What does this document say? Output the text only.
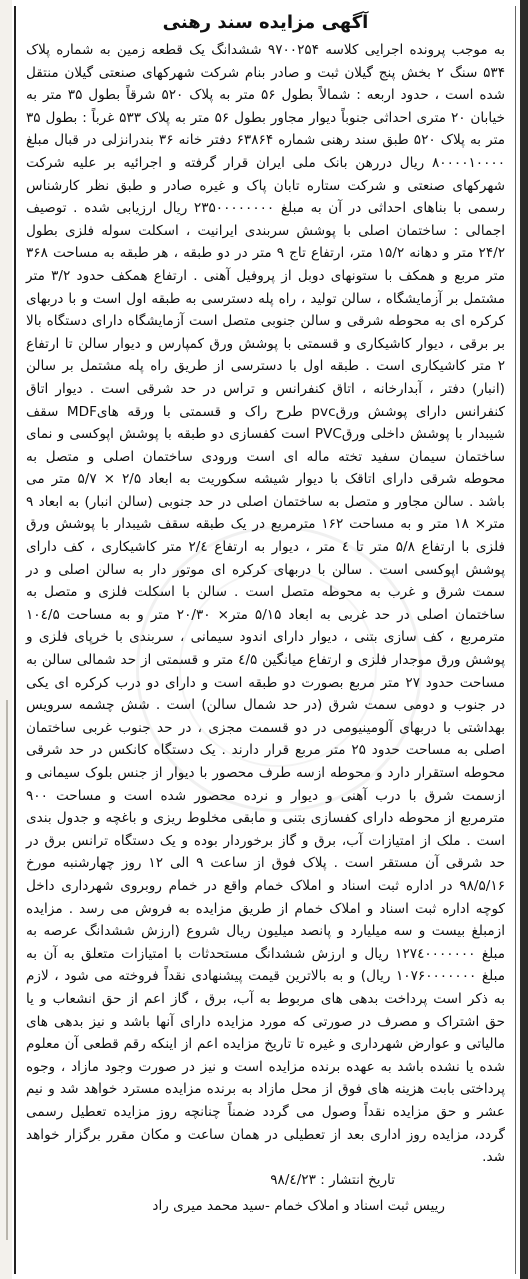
آگهی مزایده سند رهنی

به موجب پرونده اجرایی کلاسه ۹۷۰۰۲۵۴ ششدانگ یک قطعه زمین به شماره پلاک ۵۳۴ سنگ ۲ بخش پنج گیلان ثبت و صادر بنام شرکت شهرکهای صنعتی گیلان منتقل شده است ، حدود اربعه : شمالاً بطول ۵۶ متر به پلاک ۵۲۰ شرقاً بطول ۳۵ متر به خیابان ۲۰ متری احداثی جنوباً دیوار مجاور بطول ۵۶ متر به پلاک ۵۳۳ غرباً : بطول ۳۵ متر به پلاک ۵۲۰ طبق سند رهنی شماره ۶۳۸۶۴ دفتر خانه ۳۶ بندرانزلی در قبال مبلغ ۸۰۰۰۰۱۰۰۰۰ ریال دررهن بانک ملی ایران قرار گرفته و اجرائیه بر علیه شرکت شهرکهای صنعتی و شرکت ستاره تابان پاک و غیره صادر و طبق نظر کارشناس رسمی با بناهای احداثی در آن به مبلغ ۲۳۵۰۰۰۰۰۰۰۰ ریال ارزیابی شده . توصیف اجمالی : ساختمان اصلی با پوشش سربندی ایرانیت ، اسکلت سوله فلزی بطول ۲۴/۲ متر و دهانه ۱۵/۲ متر، ارتفاع تاج ۹ متر در دو طبقه ، هر طبقه به مساحت ۳۶۸ متر مربع و همکف با ستونهای دوبل از پروفیل آهنی . ارتفاع همکف حدود ۳/۲ متر مشتمل بر آزمایشگاه ، سالن تولید ، راه پله دسترسی به طبقه اول است و با دربهای کرکره ای به محوطه شرقی و سالن جنوبی متصل است آزمایشگاه دارای دستگاه بالا بر برقی ، دیوار کاشیکاری و قسمتی با پوشش ورق کمپارس و دیوار سالن تا ارتفاع ۲ متر کاشیکاری است . طبقه اول با دسترسی از طریق راه پله مشتمل بر سالن (انبار) دفتر ، آبدارخانه ، اتاق کنفرانس و تراس در حد شرقی است . دیوار اتاق کنفرانس دارای پوشش ورقpvc طرح راک و قسمتی با ورقه هایMDF سقف شیبدار با پوشش داخلی ورقPVC است کفسازی دو طبقه با پوشش اپوکسی و نمای ساختمان سیمان سفید تخته ماله ای است ورودی ساختمان اصلی و متصل به محوطه شرقی دارای اتاقک با دیوار شیشه سکوریت به ابعاد ۲/۵ × ۵/۷ متر می باشد . سالن مجاور و متصل به ساختمان اصلی در حد جنوبی (سالن انبار) به ابعاد ۹ متر× ۱۸ متر و به مساحت ۱۶۲ مترمربع در یک طبقه سقف شیبدار با پوشش ورق فلزی با ارتفاع ۵/۸ متر تا ٤ متر ، دیوار به ارتفاع ۲/٤ متر کاشیکاری ، کف دارای پوشش اپوکسی است . سالن با دربهای کرکره ای موتور دار به سالن اصلی و در سمت شرق و غرب به محوطه متصل است . سالن با اسکلت فلزی و متصل به ساختمان اصلی در حد غربی به ابعاد ۵/۱۵ متر× ۲۰/۳۰ متر و به مساحت ۱۰٤/۵ مترمربع ، کف سازی بتنی ، دیوار دارای اندود سیمانی ، سربندی با خرپای فلزی و پوشش ورق موجدار فلزی و ارتفاع میانگین ٤/۵ متر و قسمتی از حد شمالی سالن به مساحت حدود ۲۷ متر مربع بصورت دو طبقه است و دارای دو درب کرکره ای یکی در جنوب و دومی سمت شرق (در حد شمال سالن) است . شش چشمه سرویس بهداشتی با دربهای آلومینیومی در دو قسمت مجزی ، در حد جنوب غربی ساختمان اصلی به مساحت حدود ۲۵ متر مربع قرار دارند . یک دستگاه کانکس در حد شرقی محوطه استقرار دارد و محوطه ازسه طرف محصور با دیوار از جنس بلوک سیمانی و ازسمت شرق با درب آهنی و دیوار و نرده محصور شده است و مساحت ۹۰۰ مترمربع از محوطه دارای کفسازی بتنی و مابقی مخلوط ریزی و باغچه و جدول بندی است . ملک از امتیازات آب، برق و گاز برخوردار بوده و یک دستگاه ترانس برق در حد شرقی آن مستقر است . پلاک فوق از ساعت ۹ الی ۱۲ روز چهارشنبه مورخ ۹۸/۵/۱۶ در اداره ثبت اسناد و املاک خمام واقع در خمام روبروی شهرداری داخل کوچه اداره ثبت اسناد و املاک خمام از طریق مزایده به فروش می رسد . مزایده ازمبلغ بیست و سه میلیارد و پانصد میلیون ریال شروع (ارزش ششدانگ عرصه به مبلغ ۱۲۷٤۰۰۰۰۰۰۰ ریال و ارزش ششدانگ مستحدثات با امتیازات متعلق به آن به مبلغ ۱۰۷۶۰۰۰۰۰۰۰ ریال) و به بالاترین قیمت پیشنهادی نقداً فروخته می شود ، لازم به ذکر است پرداخت بدهی های مربوط به آب، برق ، گاز اعم از حق انشعاب و یا حق اشتراک و مصرف در صورتی که مورد مزایده دارای آنها باشد و نیز بدهی های مالیاتی و عوارض شهرداری و غیره تا تاریخ مزایده اعم از اینکه رقم قطعی آن معلوم شده یا نشده باشد به عهده برنده مزایده است و نیز در صورت وجود مازاد ، وجوه پرداختی بابت هزینه های فوق از محل مازاد به برنده مزایده مسترد خواهد شد و نیم عشر و حق مزایده نقداً وصول می گردد ضمناً چنانچه روز مزایده تعطیل رسمی گردد، مزایده روز اداری بعد از تعطیلی در همان ساعت و مکان مقرر برگزار خواهد شد.

تاریخ انتشار : ۹۸/٤/۲۳

رییس ثبت اسناد و املاک خمام -سید محمد میری راد
